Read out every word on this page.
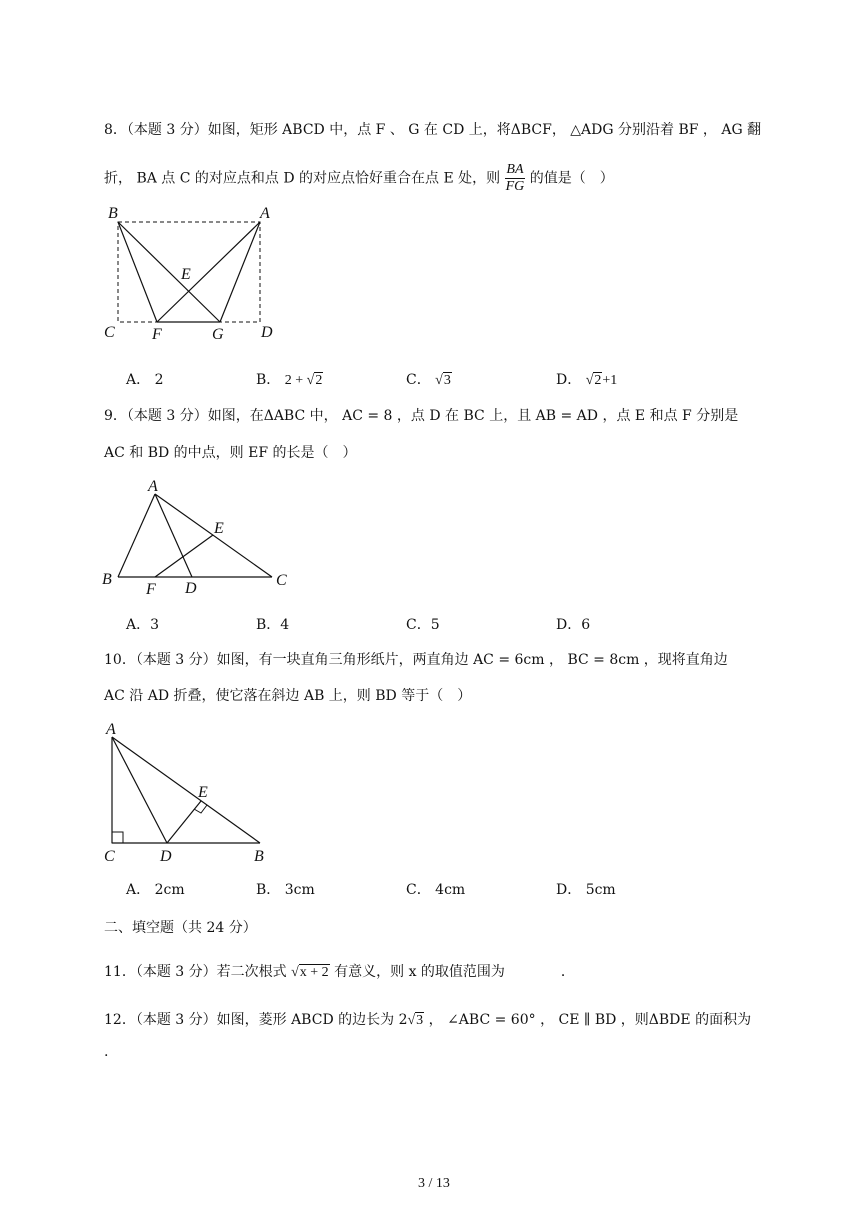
8．（本题 3 分）如图，矩形 ABCD 中，点 F 、 G 在 CD 上，将ΔBCF， △ADG 分别沿着 BF ， AG 翻
折， BA 点 C 的对应点和点 D 的对应点恰好重合在点 E 处，则 $\frac{BA}{FG}$ 的值是（　）
B	A
E
C F	G D
A． 2	B． 2 + √2	C． √3	D． √2+1
9．（本题 3 分）如图，在ΔABC 中， AC = 8 ，点 D 在 BC 上，且 AB = AD ，点 E 和点 F 分别是
AC 和 BD 的中点，则 EF 的长是（　）
A
E
B
F D	C
A．3	B．4	C．5	D．6
10．（本题 3 分）如图，有一块直角三角形纸片，两直角边 AC = 6cm ， BC = 8cm ，现将直角边
AC 沿 AD 折叠，使它落在斜边 AB 上，则 BD 等于（　）
A
E
C	D	B
A． 2cm	B． 3cm	C． 4cm	D． 5cm
二、填空题（共 24 分）
11．（本题 3 分）若二次根式 √x + 2 有意义，则 x 的取值范围为　　　　．
12．（本题 3 分）如图，菱形 ABCD 的边长为 2√3 ， ∠ABC = 60° ， CE ∥ BD ，则ΔBDE 的面积为
.
3 / 13
